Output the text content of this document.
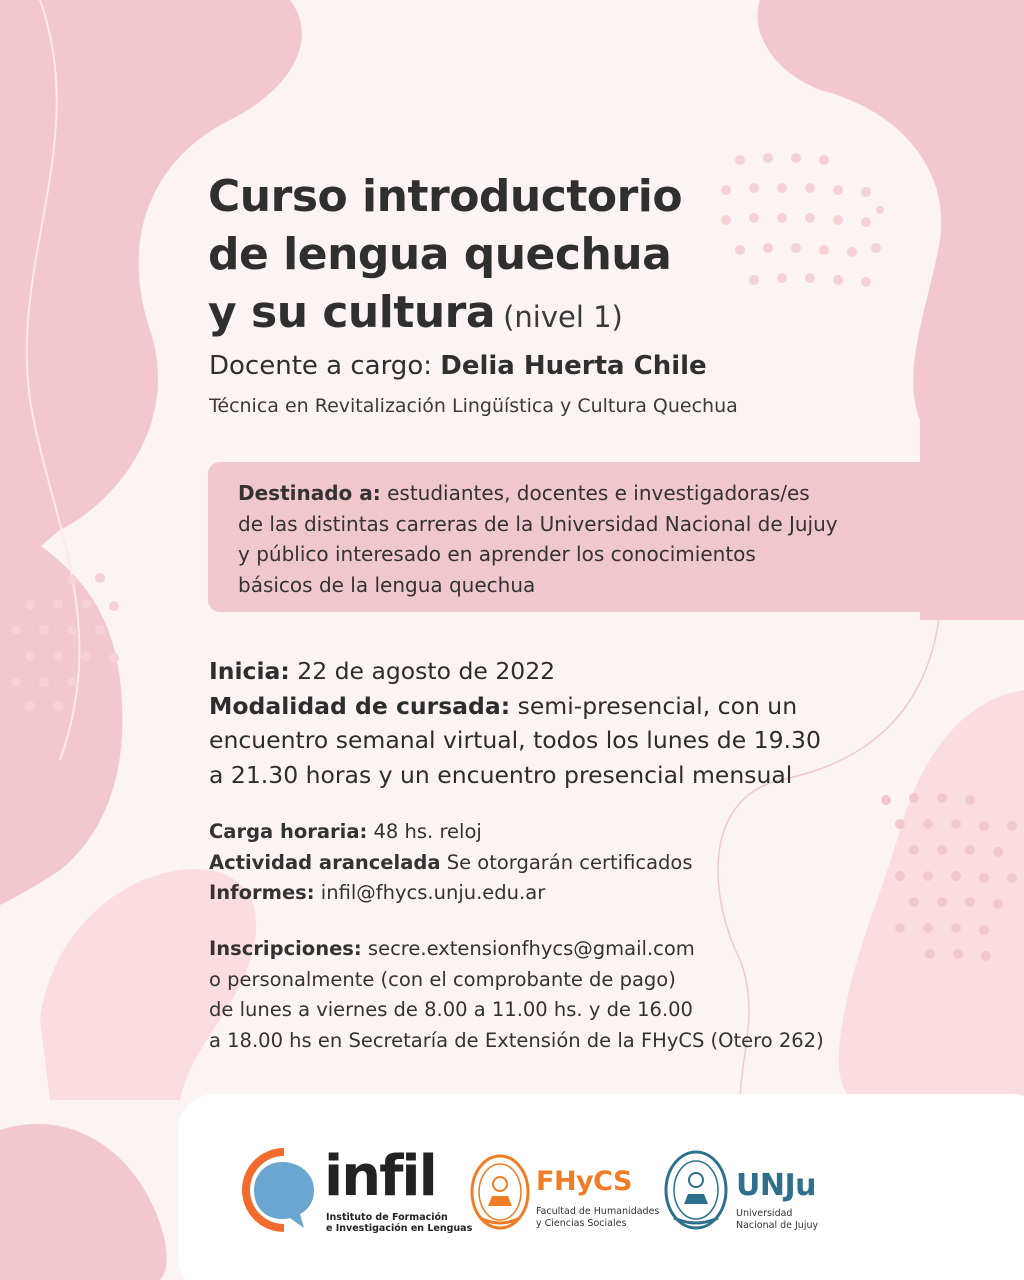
Curso introductorio
de lengua quechua
y su cultura (nivel 1)

Docente a cargo: Delia Huerta Chile

Técnica en Revitalización Lingüística y Cultura Quechua

Destinado a: estudiantes, docentes e investigadoras/es
de las distintas carreras de la Universidad Nacional de Jujuy
y público interesado en aprender los conocimientos
básicos de la lengua quechua

Inicia: 22 de agosto de 2022
Modalidad de cursada: semi-presencial, con un
encuentro semanal virtual, todos los lunes de 19.30
a 21.30 horas y un encuentro presencial mensual

Carga horaria: 48 hs. reloj
Actividad arancelada Se otorgarán certificados
Informes: infil@fhycs.unju.edu.ar

Inscripciones: secre.extensionfhycs@gmail.com
o personalmente (con el comprobante de pago)
de lunes a viernes de 8.00 a 11.00 hs. y de 16.00
a 18.00 hs en Secretaría de Extensión de la FHyCS (Otero 262)

infil
Instituto de Formación
e Investigación en Lenguas
FHyCS
Facultad de Humanidades
y Ciencias Sociales
UNJu
Universidad
Nacional de Jujuy
